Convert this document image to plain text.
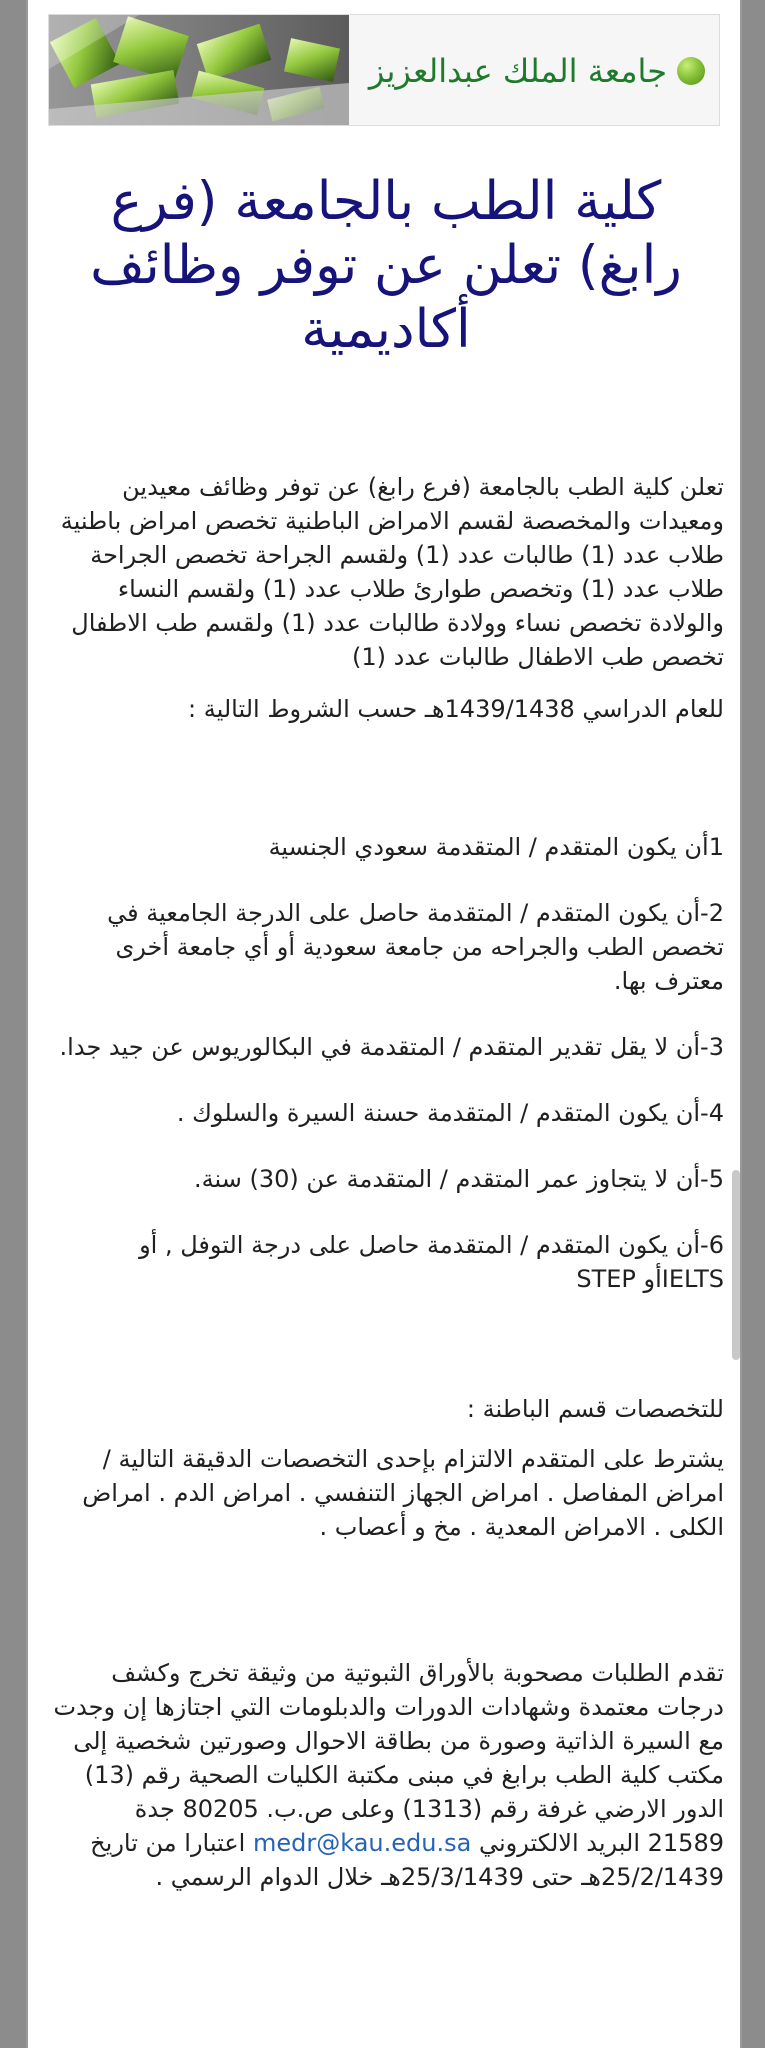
جامعة الملك عبدالعزيز
كلية الطب بالجامعة (فرع رابغ) تعلن عن توفر وظائف أكاديمية

تعلن كلية الطب بالجامعة (فرع رابغ) عن توفر وظائف معيدين ومعيدات والمخصصة لقسم الامراض الباطنية تخصص امراض باطنية طلاب عدد (1) طالبات عدد (1) ولقسم الجراحة تخصص الجراحة طلاب عدد (1) وتخصص طوارئ طلاب عدد (1) ولقسم النساء والولادة تخصص نساء وولادة طالبات عدد (1) ولقسم طب الاطفال تخصص طب الاطفال طالبات عدد (1)

للعام الدراسي 1439/1438هـ حسب الشروط التالية :

1أن يكون المتقدم / المتقدمة سعودي الجنسية

2-أن يكون المتقدم / المتقدمة حاصل على الدرجة الجامعية في تخصص الطب والجراحه من جامعة سعودية أو أي جامعة أخرى معترف بها.

3-أن لا يقل تقدير المتقدم / المتقدمة في البكالوريوس عن جيد جدا.

4-أن يكون المتقدم / المتقدمة حسنة السيرة والسلوك .

5-أن لا يتجاوز عمر المتقدم / المتقدمة عن (30) سنة.

6-أن يكون المتقدم / المتقدمة حاصل على درجة التوفل , أو IELTSأو STEP

للتخصصات قسم الباطنة :

يشترط على المتقدم الالتزام بإحدى التخصصات الدقيقة التالية / امراض المفاصل . امراض الجهاز التنفسي . امراض الدم . امراض الكلى . الامراض المعدية . مخ و أعصاب .

تقدم الطلبات مصحوبة بالأوراق الثبوتية من وثيقة تخرج وكشف درجات معتمدة وشهادات الدورات والدبلومات التي اجتازها إن وجدت مع السيرة الذاتية وصورة من بطاقة الاحوال وصورتين شخصية إلى مكتب كلية الطب برابغ في مبنى مكتبة الكليات الصحية رقم (13) الدور الارضي غرفة رقم (1313) وعلى ص.ب. 80205 جدة 21589 البريد الالكتروني medr@kau.edu.sa اعتبارا من تاريخ 25/2/1439هـ حتى 25/3/1439هـ خلال الدوام الرسمي .
